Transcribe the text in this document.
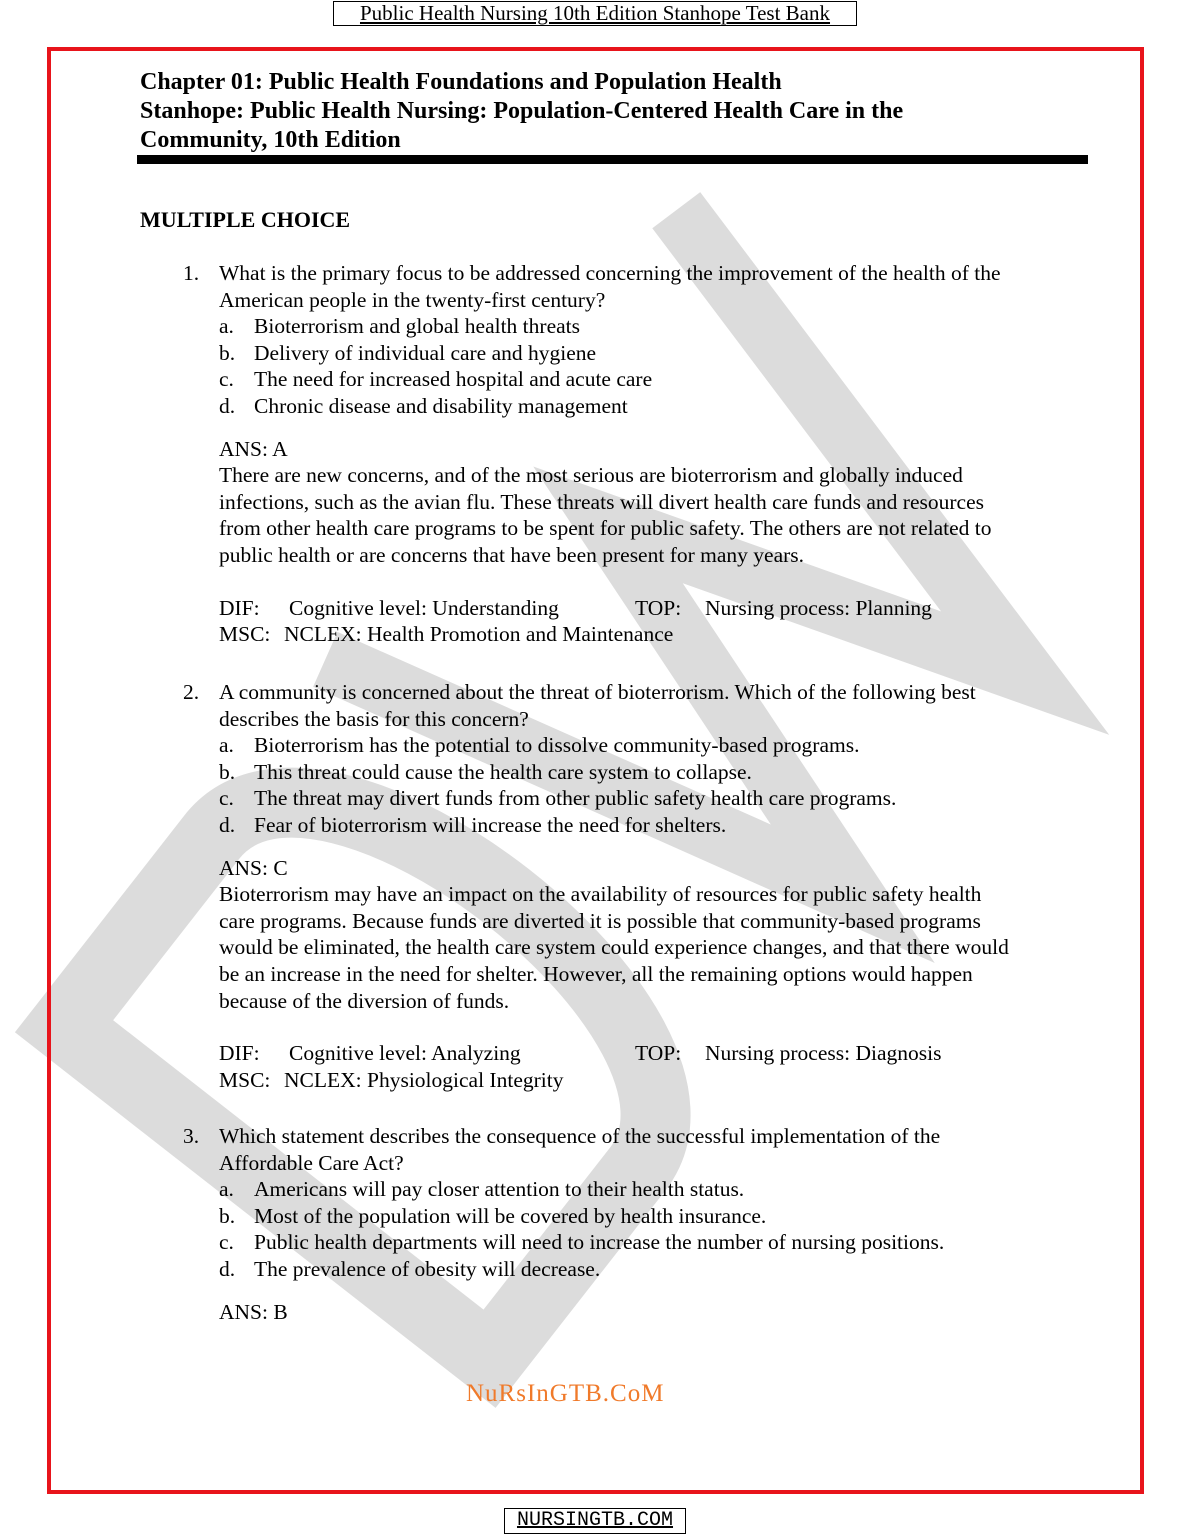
Public Health Nursing 10th Edition Stanhope Test Bank
Chapter 01: Public Health Foundations and Population Health
Stanhope: Public Health Nursing: Population-Centered Health Care in the
Community, 10th Edition
MULTIPLE CHOICE
1. What is the primary focus to be addressed concerning the improvement of the health of the
American people in the twenty-first century?
a. Bioterrorism and global health threats
b. Delivery of individual care and hygiene
c. The need for increased hospital and acute care
d. Chronic disease and disability management
ANS: A
There are new concerns, and of the most serious are bioterrorism and globally induced
infections, such as the avian flu. These threats will divert health care funds and resources
from other health care programs to be spent for public safety. The others are not related to
public health or are concerns that have been present for many years.
DIF: Cognitive level: Understanding	TOP: Nursing process: Planning
MSC: NCLEX: Health Promotion and Maintenance
2. A community is concerned about the threat of bioterrorism. Which of the following best
describes the basis for this concern?
a. Bioterrorism has the potential to dissolve community-based programs.
b. This threat could cause the health care system to collapse.
c. The threat may divert funds from other public safety health care programs.
d. Fear of bioterrorism will increase the need for shelters.
ANS: C
Bioterrorism may have an impact on the availability of resources for public safety health
care programs. Because funds are diverted it is possible that community-based programs
would be eliminated, the health care system could experience changes, and that there would
be an increase in the need for shelter. However, all the remaining options would happen
because of the diversion of funds.
DIF: Cognitive level: Analyzing	TOP: Nursing process: Diagnosis
MSC: NCLEX: Physiological Integrity
3. Which statement describes the consequence of the successful implementation of the
Affordable Care Act?
a. Americans will pay closer attention to their health status.
b. Most of the population will be covered by health insurance.
c. Public health departments will need to increase the number of nursing positions.
d. The prevalence of obesity will decrease.
ANS: B
NuRsInGTB.CoM
NURSINGTB.COM
